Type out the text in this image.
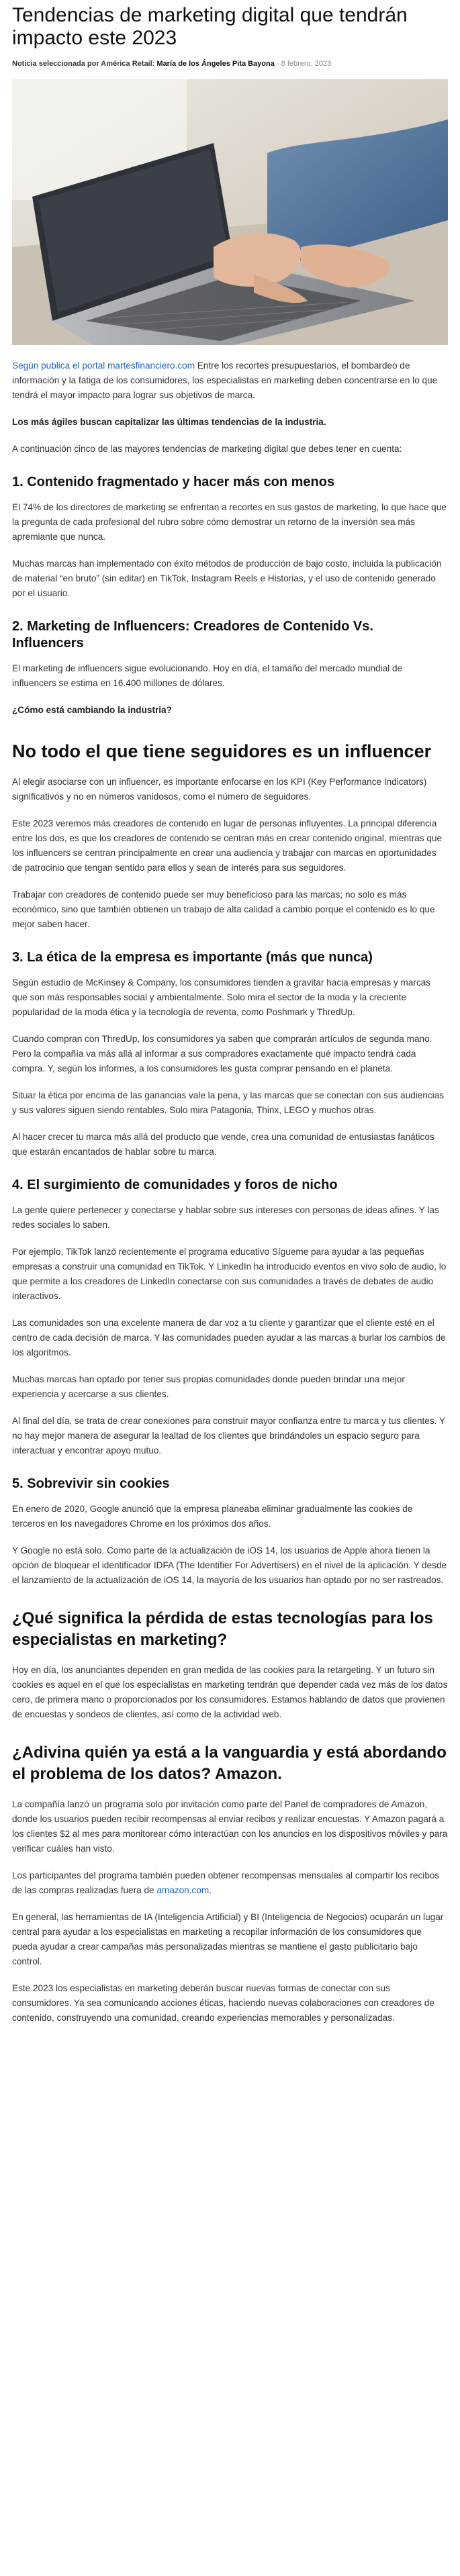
Tendencias de marketing digital que tendrán impacto este 2023
Noticia seleccionada por América Retail: María de los Ángeles Pita Bayona - 8 febrero, 2023

Según publica el portal martesfinanciero.com Entre los recortes presupuestarios, el bombardeo de información y la fatiga de los consumidores, los especialistas en marketing deben concentrarse en lo que tendrá el mayor impacto para lograr sus objetivos de marca.

Los más ágiles buscan capitalizar las últimas tendencias de la industria.

A continuación cinco de las mayores tendencias de marketing digital que debes tener en cuenta:

1. Contenido fragmentado y hacer más con menos

El 74% de los directores de marketing se enfrentan a recortes en sus gastos de marketing, lo que hace que la pregunta de cada profesional del rubro sobre cómo demostrar un retorno de la inversión sea más apremiante que nunca.

Muchas marcas han implementado con éxito métodos de producción de bajo costo, incluida la publicación de material “en bruto” (sin editar) en TikTok, Instagram Reels e Historias, y el uso de contenido generado por el usuario.

2. Marketing de Influencers: Creadores de Contenido Vs. Influencers

El marketing de influencers sigue evolucionando. Hoy en día, el tamaño del mercado mundial de influencers se estima en 16.400 millones de dólares.

¿Cómo está cambiando la industria?

No todo el que tiene seguidores es un influencer

Al elegir asociarse con un influencer, es importante enfocarse en los KPI (Key Performance Indicators) significativos y no en números vanidosos, como el número de seguidores.

Este 2023 veremos más creadores de contenido en lugar de personas influyentes. La principal diferencia entre los dos, es que los creadores de contenido se centran más en crear contenido original, mientras que los influencers se centran principalmente en crear una audiencia y trabajar con marcas en oportunidades de patrocinio que tengan sentido para ellos y sean de interés para sus seguidores.

Trabajar con creadores de contenido puede ser muy beneficioso para las marcas; no solo es más económico, sino que también obtienen un trabajo de alta calidad a cambio porque el contenido es lo que mejor saben hacer.

3. La ética de la empresa es importante (más que nunca)

Según estudio de McKinsey & Company, los consumidores tienden a gravitar hacia empresas y marcas que son más responsables social y ambientalmente. Solo mira el sector de la moda y la creciente popularidad de la moda ética y la tecnología de reventa, como Poshmark y ThredUp.

Cuando compran con ThredUp, los consumidores ya saben que comprarán artículos de segunda mano. Pero la compañía va más allá al informar a sus compradores exactamente qué impacto tendrá cada compra. Y, según los informes, a los consumidores les gusta comprar pensando en el planeta.

Situar la ética por encima de las ganancias vale la pena, y las marcas que se conectan con sus audiencias y sus valores siguen siendo rentables. Solo mira Patagonia, Thinx, LEGO y muchos otras.

Al hacer crecer tu marca más allá del producto que vende, crea una comunidad de entusiastas fanáticos que estarán encantados de hablar sobre tu marca.

4. El surgimiento de comunidades y foros de nicho

La gente quiere pertenecer y conectarse y hablar sobre sus intereses con personas de ideas afines. Y las redes sociales lo saben.

Por ejemplo, TikTok lanzó recientemente el programa educativo Sígueme para ayudar a las pequeñas empresas a construir una comunidad en TikTok. Y LinkedIn ha introducido eventos en vivo solo de audio, lo que permite a los creadores de LinkedIn conectarse con sus comunidades a través de debates de audio interactivos.

Las comunidades son una excelente manera de dar voz a tu cliente y garantizar que el cliente esté en el centro de cada decisión de marca. Y las comunidades pueden ayudar a las marcas a burlar los cambios de los algoritmos.

Muchas marcas han optado por tener sus propias comunidades donde pueden brindar una mejor experiencia y acercarse a sus clientes.

Al final del día, se trata de crear conexiones para construir mayor confianza entre tu marca y tus clientes. Y no hay mejor manera de asegurar la lealtad de los clientes que brindándoles un espacio seguro para interactuar y encontrar apoyo mutuo.

5. Sobrevivir sin cookies

En enero de 2020, Google anunció que la empresa planeaba eliminar gradualmente las cookies de terceros en los navegadores Chrome en los próximos dos años.

Y Google no está solo. Como parte de la actualización de iOS 14, los usuarios de Apple ahora tienen la opción de bloquear el identificador IDFA (The Identifier For Advertisers) en el nivel de la aplicación. Y desde el lanzamiento de la actualización de iOS 14, la mayoría de los usuarios han optado por no ser rastreados.

¿Qué significa la pérdida de estas tecnologías para los especialistas en marketing?

Hoy en día, los anunciantes dependen en gran medida de las cookies para la retargeting. Y un futuro sin cookies es aquel en el que los especialistas en marketing tendrán que depender cada vez más de los datos cero, de primera mano o proporcionados por los consumidores. Estamos hablando de datos que provienen de encuestas y sondeos de clientes, así como de la actividad web.

¿Adivina quién ya está a la vanguardia y está abordando el problema de los datos? Amazon.

La compañía lanzó un programa solo por invitación como parte del Panel de compradores de Amazon, donde los usuarios pueden recibir recompensas al enviar recibos y realizar encuestas. Y Amazon pagará a los clientes $2 al mes para monitorear cómo interactúan con los anuncios en los dispositivos móviles y para verificar cuáles han visto.

Los participantes del programa también pueden obtener recompensas mensuales al compartir los recibos de las compras realizadas fuera de amazon.com.

En general, las herramientas de IA (Inteligencia Artificial) y BI (Inteligencia de Negocios) ocuparán un lugar central para ayudar a los especialistas en marketing a recopilar información de los consumidores que pueda ayudar a crear campañas más personalizadas mientras se mantiene el gasto publicitario bajo control.

Este 2023 los especialistas en marketing deberán buscar nuevas formas de conectar con sus consumidores. Ya sea comunicando acciones éticas, haciendo nuevas colaboraciones con creadores de contenido, construyendo una comunidad, creando experiencias memorables y personalizadas.
